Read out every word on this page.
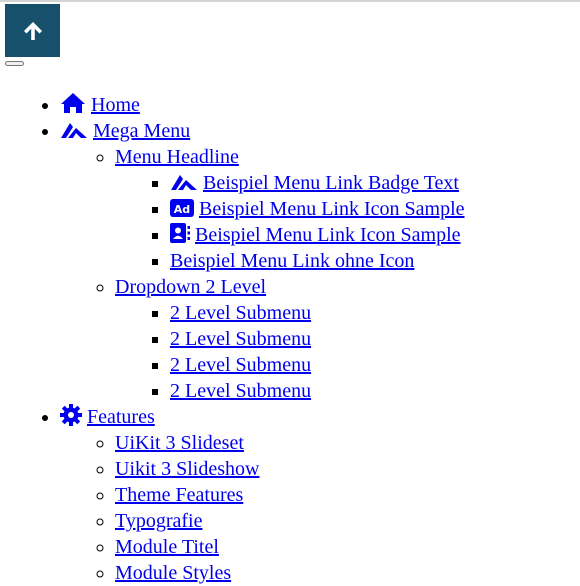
• Home
• Mega Menu
◦ Menu Headline
▪ Beispiel Menu Link Badge Text
▪ Ad Beispiel Menu Link Icon Sample
▪ Beispiel Menu Link Icon Sample
▪ Beispiel Menu Link ohne Icon
◦ Dropdown 2 Level
▪ 2 Level Submenu
▪ 2 Level Submenu
▪ 2 Level Submenu
▪ 2 Level Submenu
• Features
◦ UiKit 3 Slideset
◦ Uikit 3 Slideshow
◦ Theme Features
◦ Typografie
◦ Module Titel
◦ Module Styles
